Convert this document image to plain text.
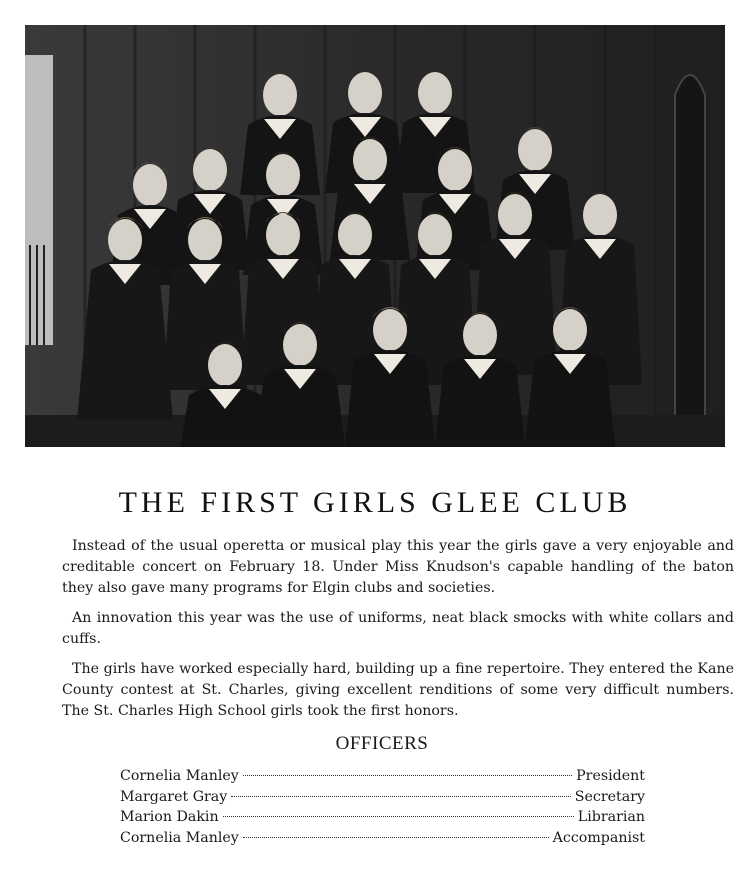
THE FIRST GIRLS GLEE CLUB

Instead of the usual operetta or musical play this year the girls gave a very enjoyable and creditable concert on February 18. Under Miss Knudson's capable handling of the baton they also gave many programs for Elgin clubs and societies.

An innovation this year was the use of uniforms, neat black smocks with white collars and cuffs.

The girls have worked especially hard, building up a fine repertoire. They entered the Kane County contest at St. Charles, giving excellent renditions of some very difficult numbers. The St. Charles High School girls took the first honors.

OFFICERS
Cornelia Manley	President
Margaret Gray	Secretary
Marion Dakin	Librarian
Cornelia Manley	Accompanist
